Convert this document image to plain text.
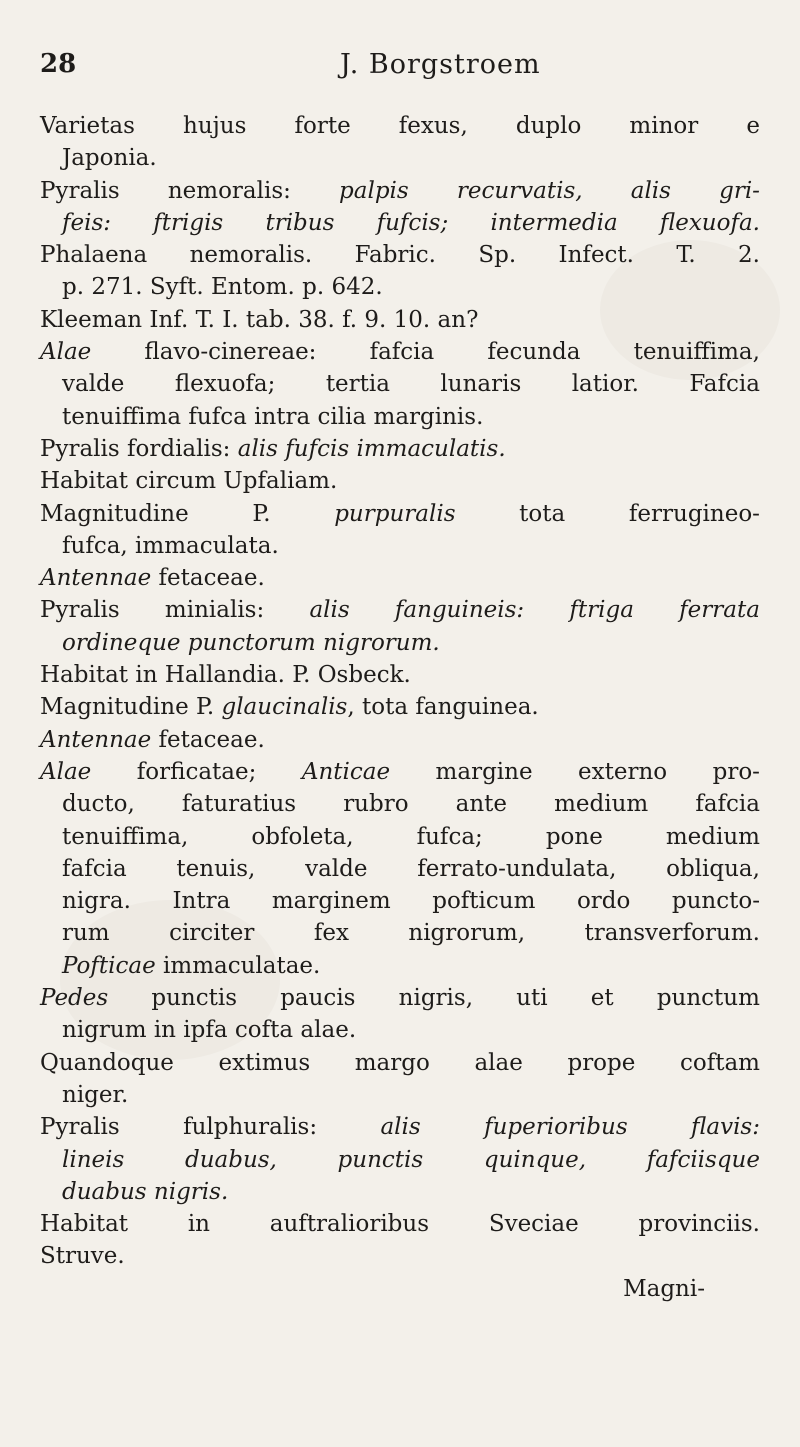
28	J. Borgstroem
Varietas hujus forte fexus, duplo minor e
Japonia.
Pyralis nemoralis: palpis recurvatis, alis gri-
feis: ftrigis tribus fufcis; intermedia flexuofa.
Phalaena nemoralis. Fabric. Sp. Infect. T. 2.
p. 271. Syft. Entom. p. 642.
Kleeman Inf. T. I. tab. 38. f. 9. 10. an?
Alae flavo-cinereae: fafcia fecunda tenuiffima,
valde flexuofa; tertia lunaris latior. Fafcia
tenuiffima fufca intra cilia marginis.
Pyralis fordialis: alis fufcis immaculatis.
Habitat circum Upfaliam.
Magnitudine	P.	purpuralis	tota	ferrugineo-
fufca, immaculata.
Antennae fetaceae.
Pyralis minialis: alis fanguineis: ftriga ferrata
ordineque punctorum nigrorum.
Habitat in Hallandia. P. Osbeck.
Magnitudine P. glaucinalis, tota fanguinea.
Antennae fetaceae.
Alae forficatae; Anticae margine externo pro-
ducto, faturatius rubro ante medium fafcia
tenuiffima,	obfoleta,	fufca;	pone	medium
fafcia tenuis, valde ferrato-undulata, obliqua,
nigra. Intra marginem pofticum ordo puncto-
rum	circiter	fex	nigrorum,	transverforum.
Pofticae immaculatae.
Pedes punctis paucis nigris, uti et punctum
nigrum in ipfa cofta alae.
Quandoque extimus margo alae prope coftam
niger.
Pyralis	fulphuralis:	alis	fuperioribus	flavis:
lineis	duabus,	punctis	quinque,	fafciisque
duabus nigris.
Habitat	in	auftralioribus	Sveciae	provinciis.
Struve.
Magni-
